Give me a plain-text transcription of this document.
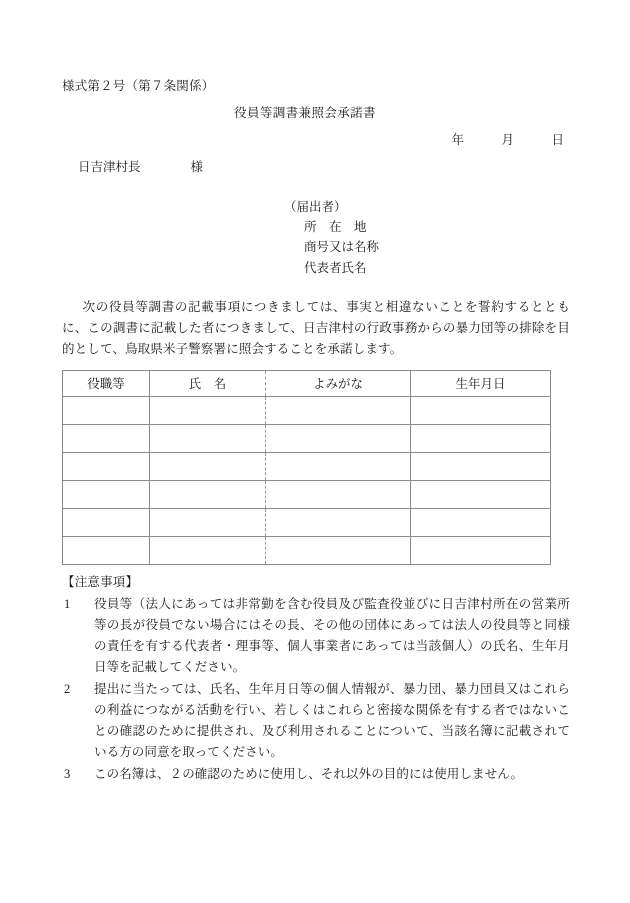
様式第２号（第７条関係）
役員等調書兼照会承諾書
年　　　月　　　日
日吉津村長　　　　様
（届出者）
所　在　地
商号又は名称
代表者氏名
次の役員等調書の記載事項につきましては、事実と相違ないことを誓約するとともに、この調書に記載した者につきまして、日吉津村の行政事務からの暴力団等の排除を目的として、鳥取県米子警察署に照会することを承諾します。
役職等	氏　名	よみがな	生年月日

【注意事項】
1	役員等（法人にあっては非常勤を含む役員及び監査役並びに日吉津村所在の営業所等の長が役員でない場合にはその長、その他の団体にあっては法人の役員等と同様の責任を有する代表者・理事等、個人事業者にあっては当該個人）の氏名、生年月日等を記載してください。
2	提出に当たっては、氏名、生年月日等の個人情報が、暴力団、暴力団員又はこれらの利益につながる活動を行い、若しくはこれらと密接な関係を有する者ではないことの確認のために提供され、及び利用されることについて、当該名簿に記載されている方の同意を取ってください。
3	この名簿は、２の確認のために使用し、それ以外の目的には使用しません。
